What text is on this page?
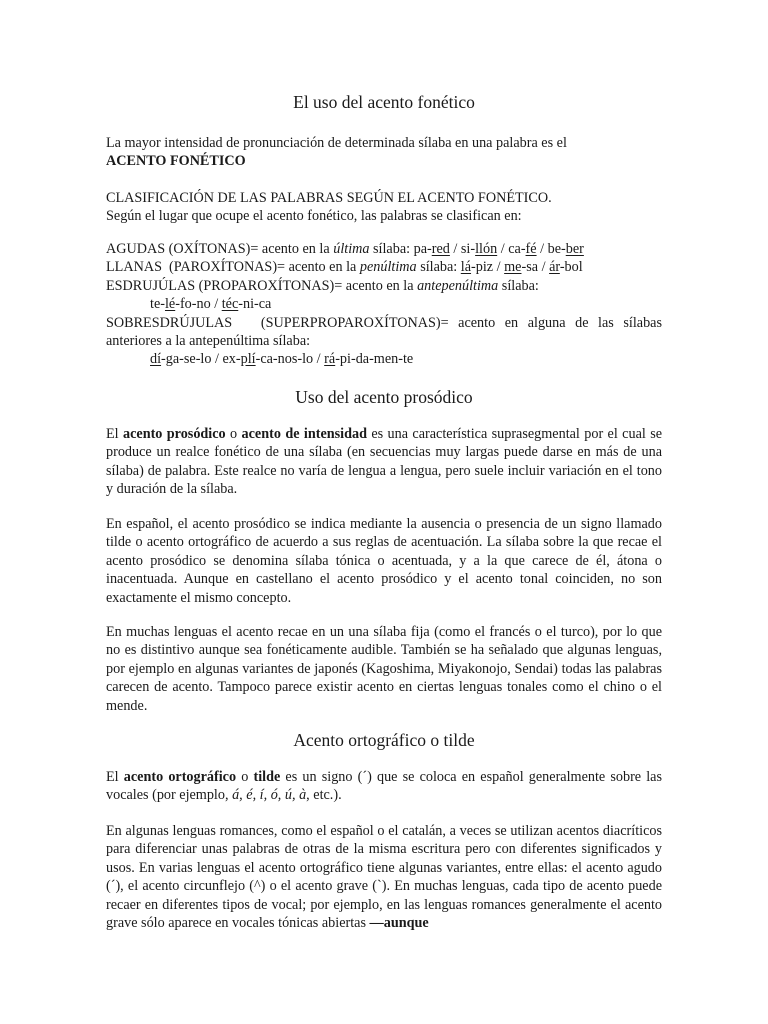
El uso del acento fonético

La mayor intensidad de pronunciación de determinada sílaba en una palabra es el
ACENTO FONÉTICO

CLASIFICACIÓN DE LAS PALABRAS SEGÚN EL ACENTO FONÉTICO.

Según el lugar que ocupe el acento fonético, las palabras se clasifican en:

AGUDAS (OXÍTONAS)= acento en la última sílaba: pa-red / si-llón / ca-fé / be-ber

LLANAS  (PAROXÍTONAS)= acento en la penúltima sílaba: lá-piz / me-sa / ár-bol

ESDRUJÚLAS (PROPAROXÍTONAS)= acento en la antepenúltima sílaba:

te-lé-fo-no / téc-ni-ca

SOBRESDRÚJULAS   (SUPERPROPAROXÍTONAS)= acento en alguna de las sílabas anteriores a la antepenúltima sílaba:

dí-ga-se-lo / ex-plí-ca-nos-lo / rá-pi-da-men-te

Uso del acento prosódico

El acento prosódico o acento de intensidad es una característica suprasegmental por el cual se produce un realce fonético de una sílaba (en secuencias muy largas puede darse en más de una sílaba) de palabra. Este realce no varía de lengua a lengua, pero suele incluir variación en el tono y duración de la sílaba.

En español, el acento prosódico se indica mediante la ausencia o presencia de un signo llamado tilde o acento ortográfico de acuerdo a sus reglas de acentuación. La sílaba sobre la que recae el acento prosódico se denomina sílaba tónica o acentuada, y a la que carece de él, átona o inacentuada. Aunque en castellano el acento prosódico y el acento tonal coinciden, no son exactamente el mismo concepto.

En muchas lenguas el acento recae en un una sílaba fija (como el francés o el turco), por lo que no es distintivo aunque sea fonéticamente audible. También se ha señalado que algunas lenguas, por ejemplo en algunas variantes de japonés (Kagoshima, Miyakonojo, Sendai) todas las palabras carecen de acento. Tampoco parece existir acento en ciertas lenguas tonales como el chino o el mende.

Acento ortográfico o tilde

El acento ortográfico o tilde es un signo (´) que se coloca en español generalmente sobre las vocales (por ejemplo, á, é, í, ó, ú, à, etc.).

En algunas lenguas romances, como el español o el catalán, a veces se utilizan acentos diacríticos para diferenciar unas palabras de otras de la misma escritura pero con diferentes significados y usos. En varias lenguas el acento ortográfico tiene algunas variantes, entre ellas: el acento agudo (´), el acento circunflejo (^) o el acento grave (`). En muchas lenguas, cada tipo de acento puede recaer en diferentes tipos de vocal; por ejemplo, en las lenguas romances generalmente el acento grave sólo aparece en vocales tónicas abiertas —aunque
